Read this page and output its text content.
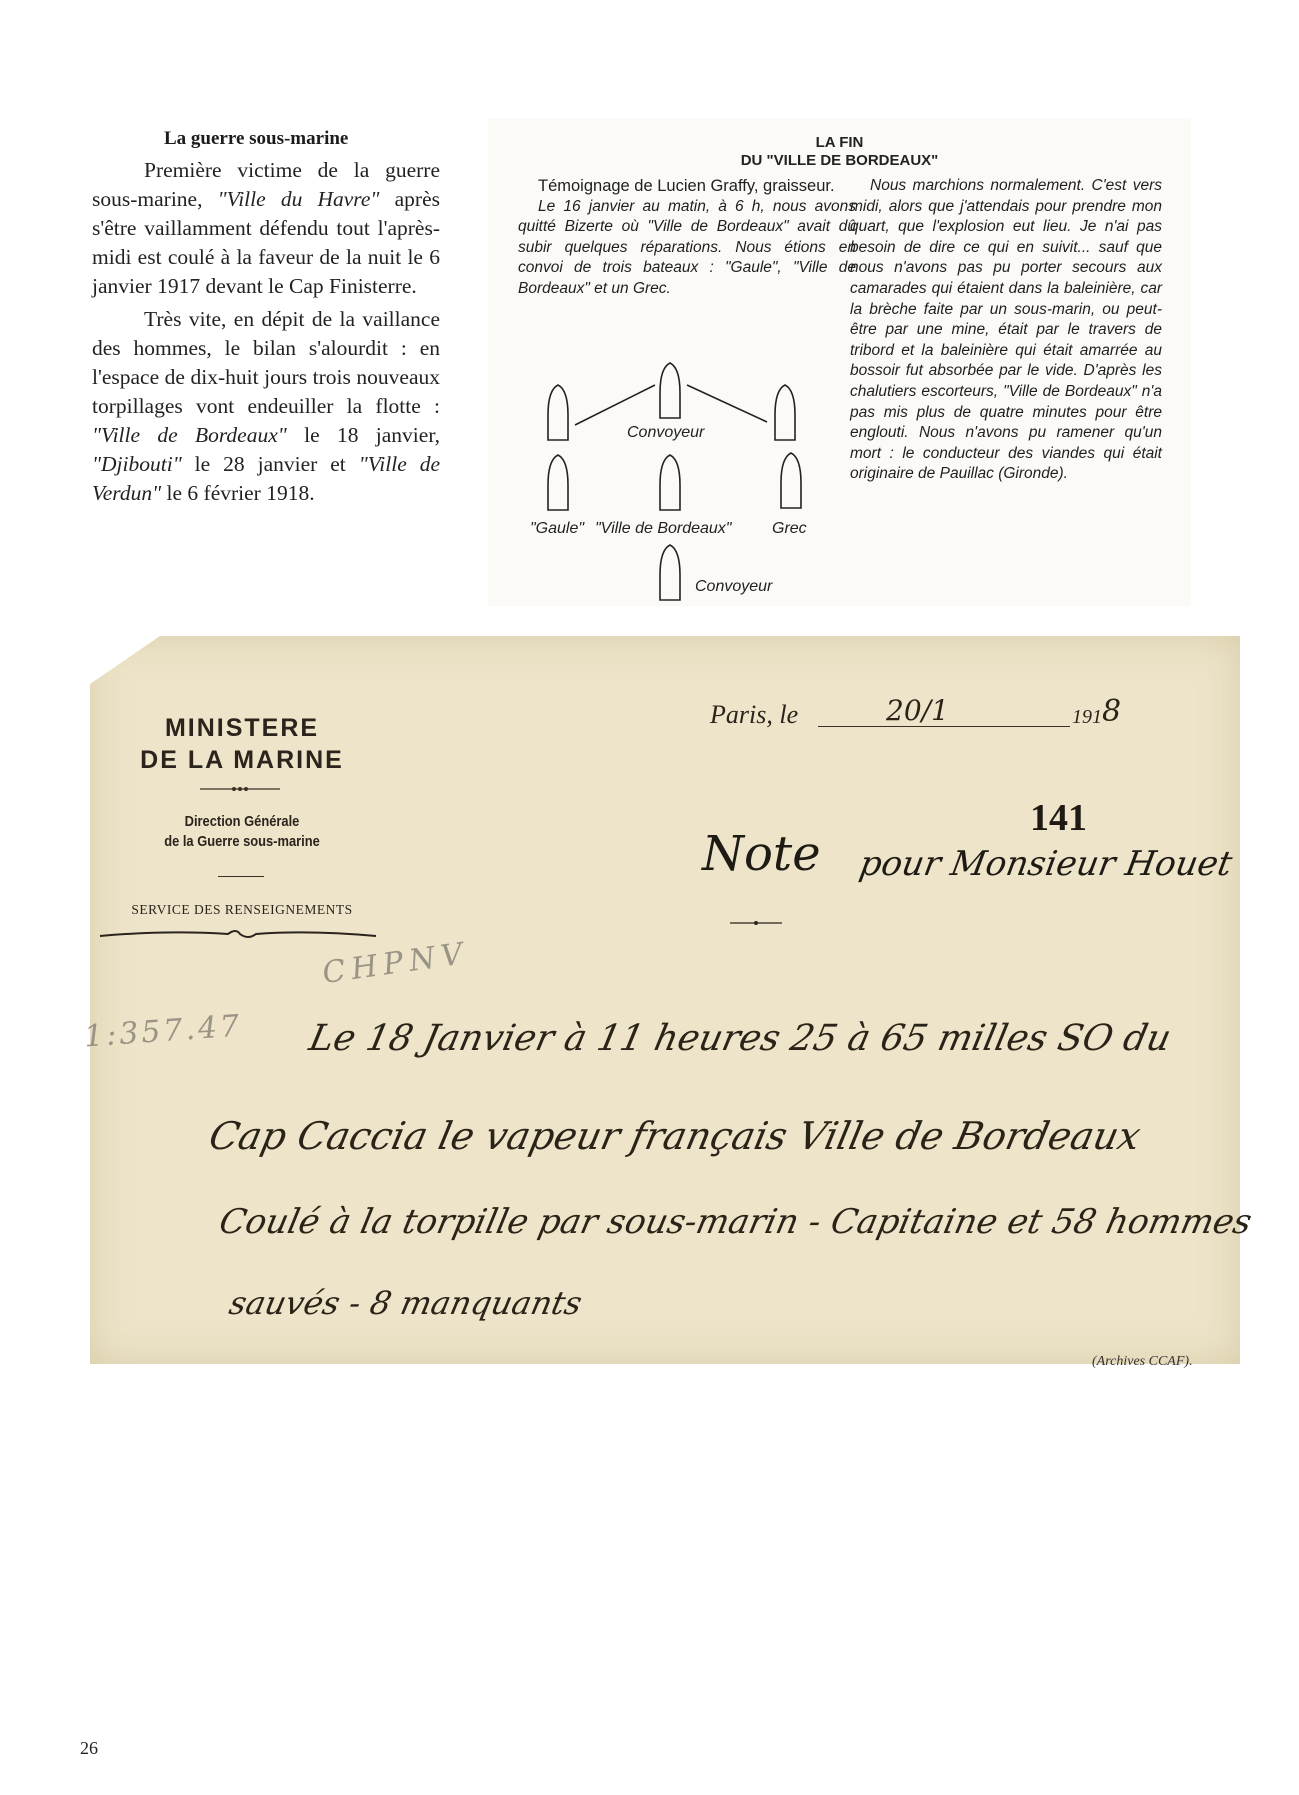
La guerre sous-marine

Première victime de la guerre sous-marine, "Ville du Havre" après s'être vaillamment défendu tout l'après-midi est coulé à la faveur de la nuit le 6 janvier 1917 devant le Cap Finisterre.

Très vite, en dépit de la vaillance des hommes, le bilan s'alourdit : en l'espace de dix-huit jours trois nouveaux torpillages vont endeuiller la flotte : "Ville de Bordeaux" le 18 janvier, "Djibouti" le 28 janvier et "Ville de Verdun" le 6 février 1918.

LA FIN
DU "VILLE DE BORDEAUX"

Témoignage de Lucien Graffy, graisseur.

Le 16 janvier au matin, à 6 h, nous avons quitté Bizerte où "Ville de Bordeaux" avait dû subir quelques réparations. Nous étions en convoi de trois bateaux : "Gaule", "Ville de Bordeaux" et un Grec.

Nous marchions normalement. C'est vers midi, alors que j'attendais pour prendre mon quart, que l'explosion eut lieu. Je n'ai pas besoin de dire ce qui en suivit... sauf que nous n'avons pas pu porter secours aux camarades qui étaient dans la baleinière, car la brèche faite par un sous-marin, ou peut-être par une mine, était par le travers de tribord et la baleinière qui était amarrée au bossoir fut absorbée par le vide. D'après les chalutiers escorteurs, "Ville de Bordeaux" n'a pas mis plus de quatre minutes pour être englouti. Nous n'avons pu ramener qu'un mort : le conducteur des viandes qui était originaire de Pauillac (Gironde).

Convoyeur
"Gaule" "Ville de Bordeaux"	Grec
Convoyeur
MINISTERE
DE LA MARINE
Direction Générale
de la Guerre sous-marine
SERVICE DES RENSEIGNEMENTS
Paris, le	20/1	191 8
141
Note pour Monsieur Houet
CHPNV
1:357.47 Le 18 Janvier à 11 heures 25 à 65 milles SO du
Cap Caccia le vapeur français Ville de Bordeaux
Coulé à la torpille par sous-marin - Capitaine et 58 hommes
sauvés - 8 manquants
(Archives CCAF).
26
